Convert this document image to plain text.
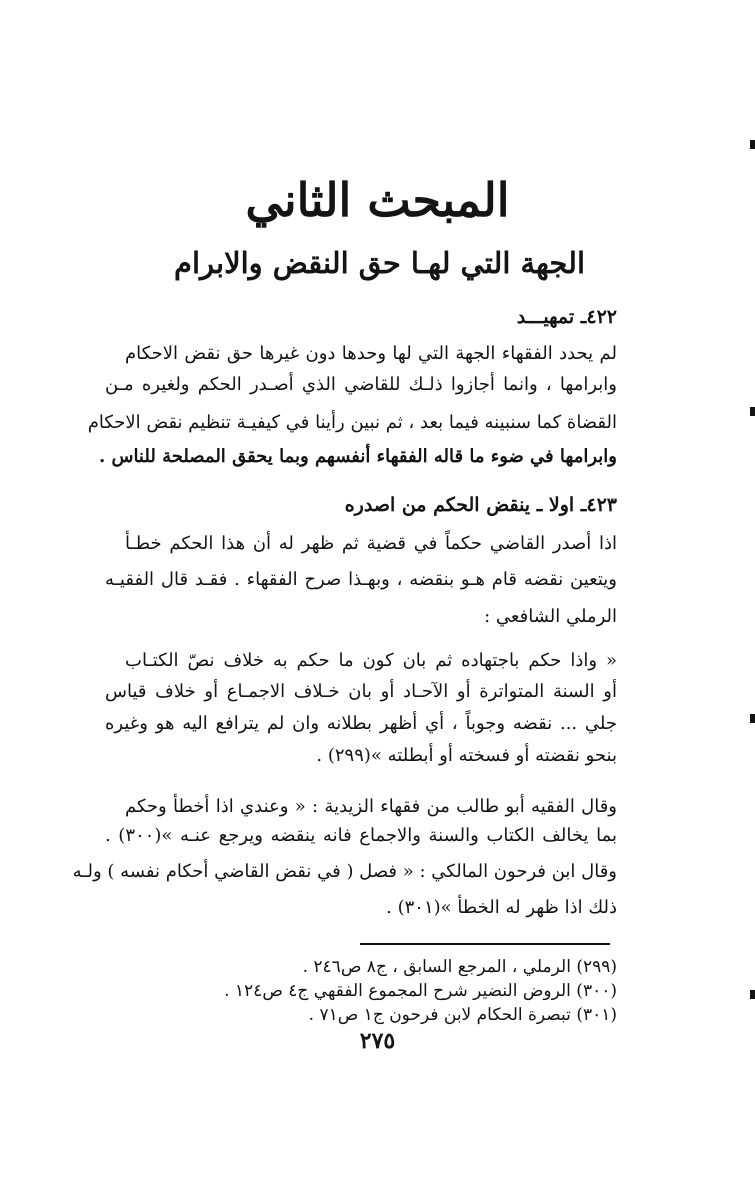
المبحث الثاني
الجهة التي لهـا حق النقض والابرام
٤٢٢ـ تمهيـــد
لم يحدد الفقهاء الجهة التي لها وحدها دون غيرها حق نقض الاحكام
وابرامها ، وانما أجازوا ذلـك للقاضي الذي أصـدر الحكم ولغيره مـن
القضاة كما سنبينه فيما بعد ، ثم نبين رأينا في كيفيـة تنظيم نقض الاحكام
وابرامها في ضوء ما قاله الفقهاء أنفسهم وبما يحقق المصلحة للناس .
٤٢٣ـ اولا ـ ينقض الحكم من اصدره
اذا أصدر القاضي حكماً في قضية ثم ظهر له أن هذا الحكم خطـأ
ويتعين نقضه قام هـو بنقضه ، وبهـذا صرح الفقهاء . فقـد قال الفقيـه
الرملي الشافعي :
« واذا حكم باجتهاده ثم بان كون ما حكم به خلاف نصّ الكتـاب
أو السنة المتواترة أو الآحـاد أو بان خـلاف الاجمـاع أو خلاف قياس
جلي ... نقضه وجوباً ، أي أظهر بطلانه وان لم يترافع اليه هو وغيره
بنحو نقضته أو فسخته أو أبطلته »(٢٩٩) .
وقال الفقيه أبو طالب من فقهاء الزيدية : « وعندي اذا أخطأ وحكم
بما يخالف الكتاب والسنة والاجماع فانه ينقضه ويرجع عنـه »(٣٠٠) .
وقال ابن فرحون المالكي : « فصل ( في نقض القاضي أحكام نفسه ) ولـه
ذلك اذا ظهر له الخطأ »(٣٠١) .
(٢٩٩) الرملي ، المرجع السابق ، ج٨ ص٢٤٦ .
(٣٠٠) الروض النضير شرح المجموع الفقهي ج٤ ص١٢٤ .
(٣٠١) تبصرة الحكام لابن فرحون ج١ ص٧١ .
٢٧٥
